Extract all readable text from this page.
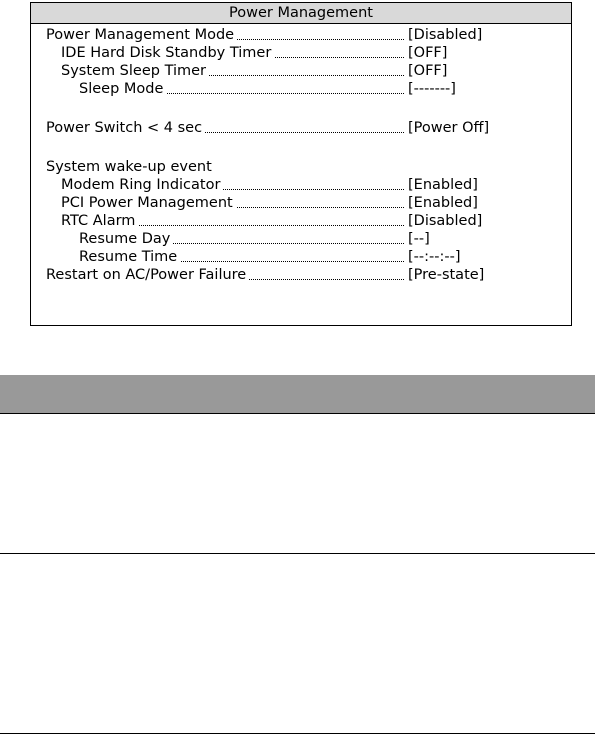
Power Management
Power Management Mode	[Disabled]
IDE Hard Disk Standby Timer	[OFF]
System Sleep Timer	[OFF]
Sleep Mode	[-------]
Power Switch < 4 sec	[Power Off]
System wake-up event
Modem Ring Indicator	[Enabled]
PCI Power Management	[Enabled]
RTC Alarm	[Disabled]
Resume Day	[--]
Resume Time	[--:--:--]
Restart on AC/Power Failure	[Pre-state]
